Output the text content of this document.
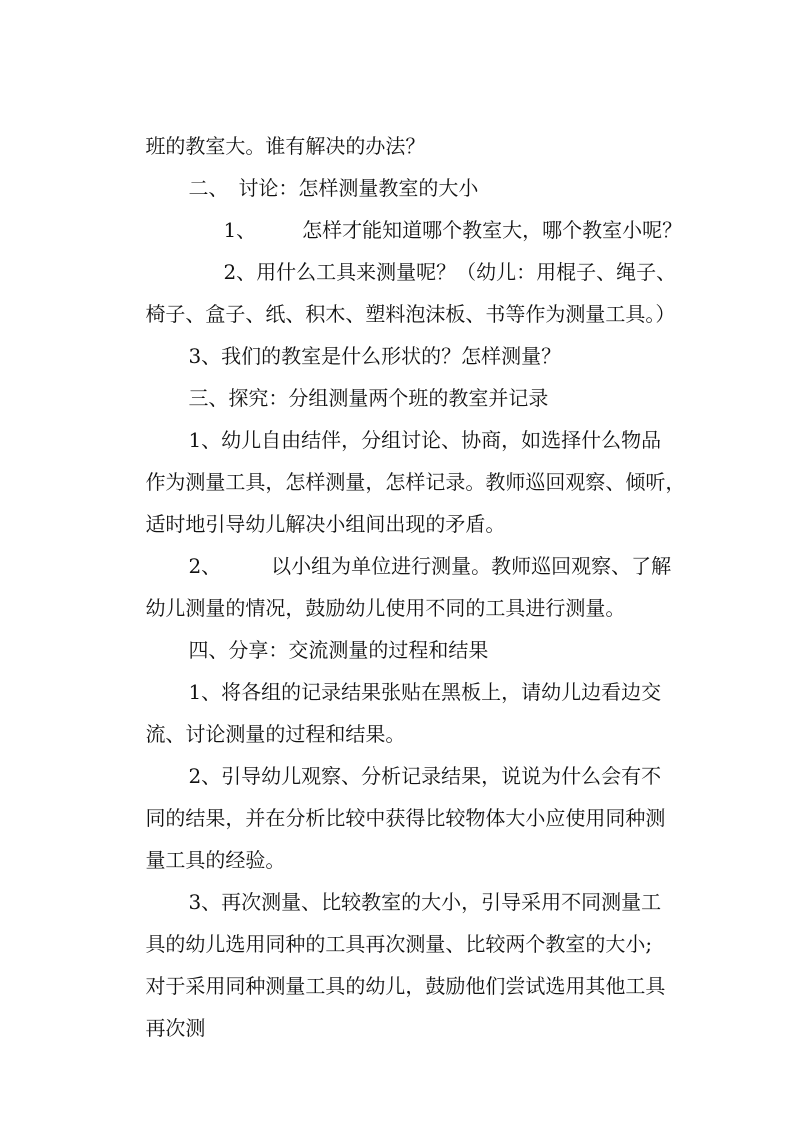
班的教室大。谁有解决的办法？

二、 讨论：怎样测量教室的大小

1、 怎样才能知道哪个教室大，哪个教室小呢？

2、用什么工具来测量呢？（幼儿：用棍子、绳子、

椅子、盒子、纸、积木、塑料泡沫板、书等作为测量工具。）

3、我们的教室是什么形状的？怎样测量？

三、探究：分组测量两个班的教室并记录

1、幼儿自由结伴，分组讨论、协商，如选择什么物品

作为测量工具，怎样测量，怎样记录。教师巡回观察、倾听，

适时地引导幼儿解决小组间出现的矛盾。

2、	以小组为单位进行测量。教师巡回观察、了解

幼儿测量的情况，鼓励幼儿使用不同的工具进行测量。

四、分享：交流测量的过程和结果

1、将各组的记录结果张贴在黑板上，请幼儿边看边交

流、讨论测量的过程和结果。

2、引导幼儿观察、分析记录结果，说说为什么会有不

同的结果，并在分析比较中获得比较物体大小应使用同种测

量工具的经验。

3、再次测量、比较教室的大小，引导采用不同测量工

具的幼儿选用同种的工具再次测量、比较两个教室的大小;

对于采用同种测量工具的幼儿，鼓励他们尝试选用其他工具

再次测
